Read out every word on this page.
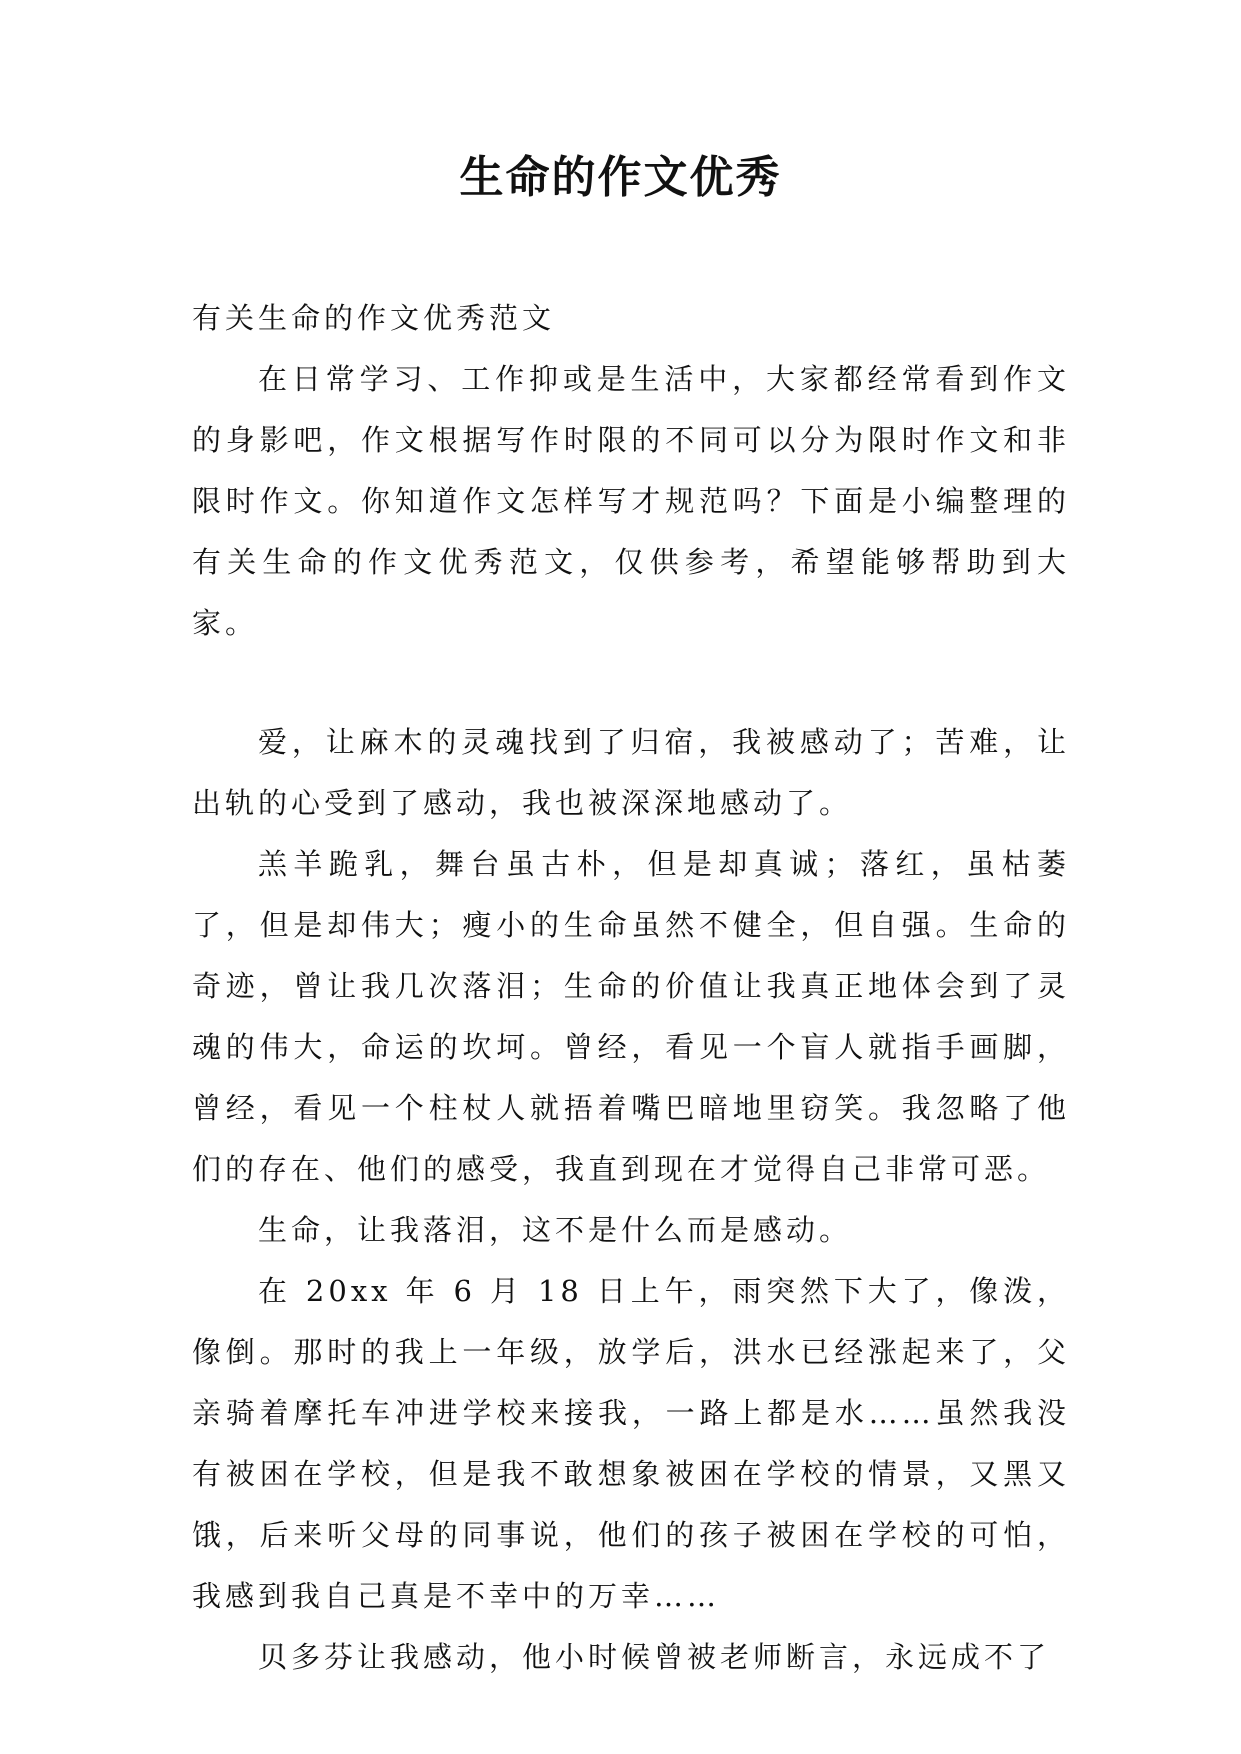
生命的作文优秀

有关生命的作文优秀范文

在日常学习、工作抑或是生活中，大家都经常看到作文的身影吧，作文根据写作时限的不同可以分为限时作文和非限时作文。你知道作文怎样写才规范吗？下面是小编整理的有关生命的作文优秀范文，仅供参考，希望能够帮助到大家。

爱，让麻木的灵魂找到了归宿，我被感动了；苦难，让出轨的心受到了感动，我也被深深地感动了。

羔羊跪乳，舞台虽古朴，但是却真诚；落红，虽枯萎了，但是却伟大；瘦小的生命虽然不健全，但自强。生命的奇迹，曾让我几次落泪；生命的价值让我真正地体会到了灵魂的伟大，命运的坎坷。曾经，看见一个盲人就指手画脚，曾经，看见一个柱杖人就捂着嘴巴暗地里窃笑。我忽略了他们的存在、他们的感受，我直到现在才觉得自己非常可恶。

生命，让我落泪，这不是什么而是感动。

在 20xx 年 6 月 18 日上午，雨突然下大了，像泼，像倒。那时的我上一年级，放学后，洪水已经涨起来了，父亲骑着摩托车冲进学校来接我，一路上都是水……虽然我没有被困在学校，但是我不敢想象被困在学校的情景，又黑又饿，后来听父母的同事说，他们的孩子被困在学校的可怕，我感到我自己真是不幸中的万幸……

贝多芬让我感动，他小时候曾被老师断言，永远成不了
